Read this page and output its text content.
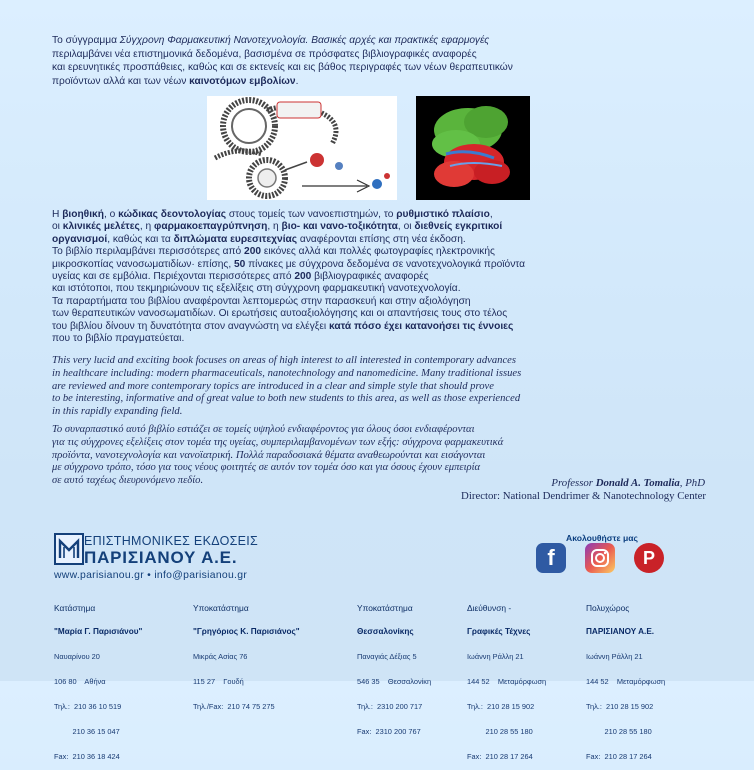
Το σύγγραμμα Σύγχρονη Φαρμακευτική Νανοτεχνολογία. Βασικές αρχές και πρακτικές εφαρμογές
περιλαμβάνει νέα επιστημονικά δεδομένα, βασισμένα σε πρόσφατες βιβλιογραφικές αναφορές
και ερευνητικές προσπάθειες, καθώς και σε εκτενείς και εις βάθος περιγραφές των νέων θεραπευτικών
προϊόντων αλλά και των νέων καινοτόμων εμβολίων.
Η βιοηθική, ο κώδικας δεοντολογίας στους τομείς των νανοεπιστημών, το ρυθμιστικό πλαίσιο,
οι κλινικές μελέτες, η φαρμακοεπαγρύπνηση, η βιο- και νανο-τοξικότητα, οι διεθνείς εγκριτικοί
οργανισμοί, καθώς και τα διπλώματα ευρεσιτεχνίας αναφέρονται επίσης στη νέα έκδοση.
Το βιβλίο περιλαμβάνει περισσότερες από 200 εικόνες αλλά και πολλές φωτογραφίες ηλεκτρονικής
μικροσκοπίας νανοσωματιδίων· επίσης, 50 πίνακες με σύγχρονα δεδομένα σε νανοτεχνολογικά προϊόντα
υγείας και σε εμβόλια. Περιέχονται περισσότερες από 200 βιβλιογραφικές αναφορές
και ιστότοποι, που τεκμηριώνουν τις εξελίξεις στη σύγχρονη φαρμακευτική νανοτεχνολογία.
Τα παραρτήματα του βιβλίου αναφέρονται λεπτομερώς στην παρασκευή και στην αξιολόγηση
των θεραπευτικών νανοσωματιδίων. Οι ερωτήσεις αυτοαξιολόγησης και οι απαντήσεις τους στο τέλος
του βιβλίου δίνουν τη δυνατότητα στον αναγνώστη να ελέγξει κατά πόσο έχει κατανοήσει τις έννοιες
που το βιβλίο πραγματεύεται.
This very lucid and exciting book focuses on areas of high interest to all interested in contemporary advances
in healthcare including: modern pharmaceuticals, nanotechnology and nanomedicine. Many traditional issues
are reviewed and more contemporary topics are introduced in a clear and simple style that should prove
to be interesting, informative and of great value to both new students to this area, as well as those experienced
in this rapidly expanding field.
Το συναρπαστικό αυτό βιβλίο εστιάζει σε τομείς υψηλού ενδιαφέροντος για όλους όσοι ενδιαφέρονται
για τις σύγχρονες εξελίξεις στον τομέα της υγείας, συμπεριλαμβανομένων των εξής: σύγχρονα φαρμακευτικά
προϊόντα, νανοτεχνολογία και νανοϊατρική. Πολλά παραδοσιακά θέματα αναθεωρούνται και εισάγονται
με σύγχρονο τρόπο, τόσο για τους νέους φοιτητές σε αυτόν τον τομέα όσο και για όσους έχουν εμπειρία
σε αυτό ταχέως διευρυνόμενο πεδίο.	Professor Donald A. Tomalia, PhD
Director: National Dendrimer & Nanotechnology Center
ΕΠΙΣΤΗΜΟΝΙΚΕΣ ΕΚΔΟΣΕΙΣ
ΠΑΡΙΣΙΑΝΟΥ Α.Ε.
www.parisianou.gr • info@parisianou.gr
Ακολουθήστε μας
f	P

Κατάστημα

"Μαρία Γ. Παρισιάνου"

Ναυαρίνου 20

106 80    Αθήνα

Τηλ.:  210 36 10 519

210 36 15 047

Fax:  210 36 18 424

Υποκατάστημα

"Γρηγόριος Κ. Παρισιάνος"

Μικράς Ασίας 76

115 27    Γουδή

Τηλ./Fax:  210 74 75 275

Υποκατάστημα

Θεσσαλονίκης

Παναγιάς Δέξιας 5

546 35    Θεσσαλονίκη

Τηλ.:  2310 200 717

Fax:  2310 200 767

Διεύθυνση -

Γραφικές Τέχνες

Ιωάννη Ράλλη 21

144 52    Μεταμόρφωση

Τηλ.:  210 28 15 902

210 28 55 180

Fax:  210 28 17 264

Πολυχώρος

ΠΑΡΙΣΙΑΝΟΥ Α.Ε.

Ιωάννη Ράλλη 21

144 52    Μεταμόρφωση

Τηλ.:  210 28 15 902

210 28 55 180

Fax:  210 28 17 264
